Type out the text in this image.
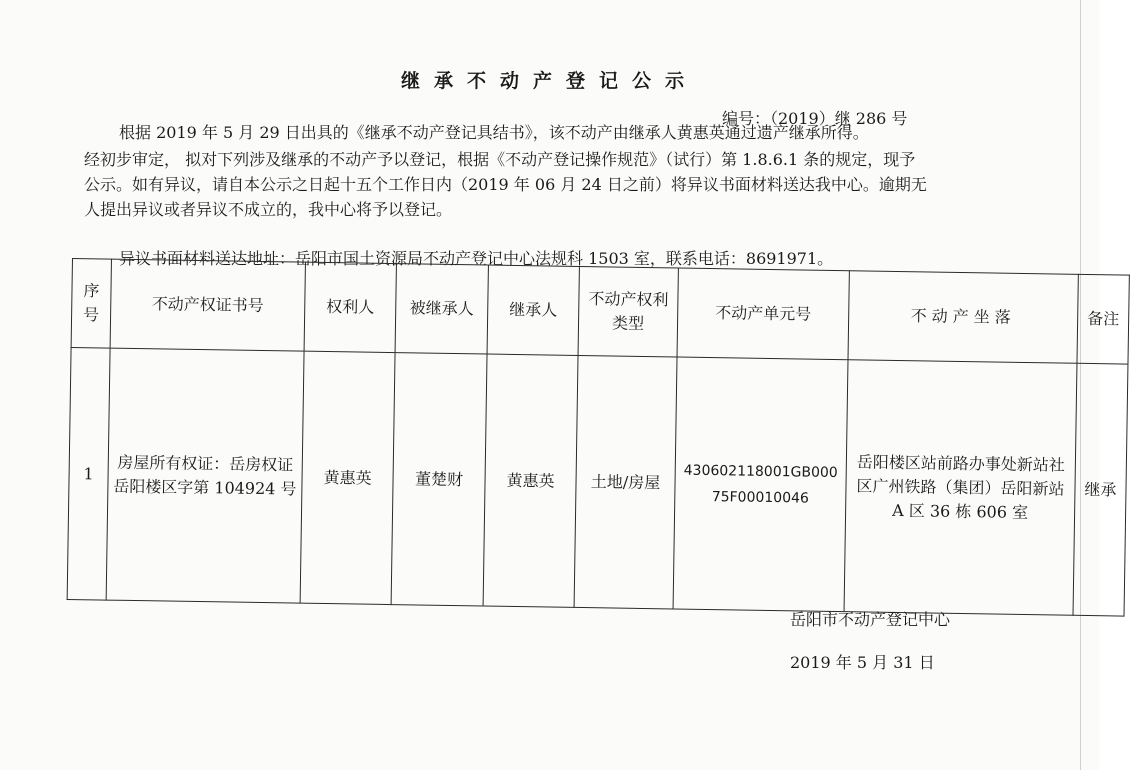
继承不动产登记公示
编号：（2019）继 286 号
根据 2019 年 5 月 29 日出具的《继承不动产登记具结书》，该不动产由继承人黄惠英通过遗产继承所得。
经初步审定， 拟对下列涉及继承的不动产予以登记，根据《不动产登记操作规范》（试行）第 1.8.6.1 条的规定，现予
公示。如有异议，请自本公示之日起十五个工作日内（2019 年 06 月 24 日之前）将异议书面材料送达我中心。逾期无
人提出异议或者异议不成立的，我中心将予以登记。
异议书面材料送达地址：岳阳市国土资源局不动产登记中心法规科 1503 室，联系电话：8691971。
序号	不动产权证书号	权利人	被继承人	继承人	不动产权利类型	不动产单元号	不动产坐落	备注
1	房屋所有权证：岳房权证岳阳楼区字第 104924 号	黄惠英	董楚财	黄惠英	土地/房屋	430602118001GB00075F00010046	岳阳楼区站前路办事处新站社区广州铁路（集团）岳阳新站 A 区 36 栋 606 室	继承
岳阳市不动产登记中心
2019 年 5 月 31 日
